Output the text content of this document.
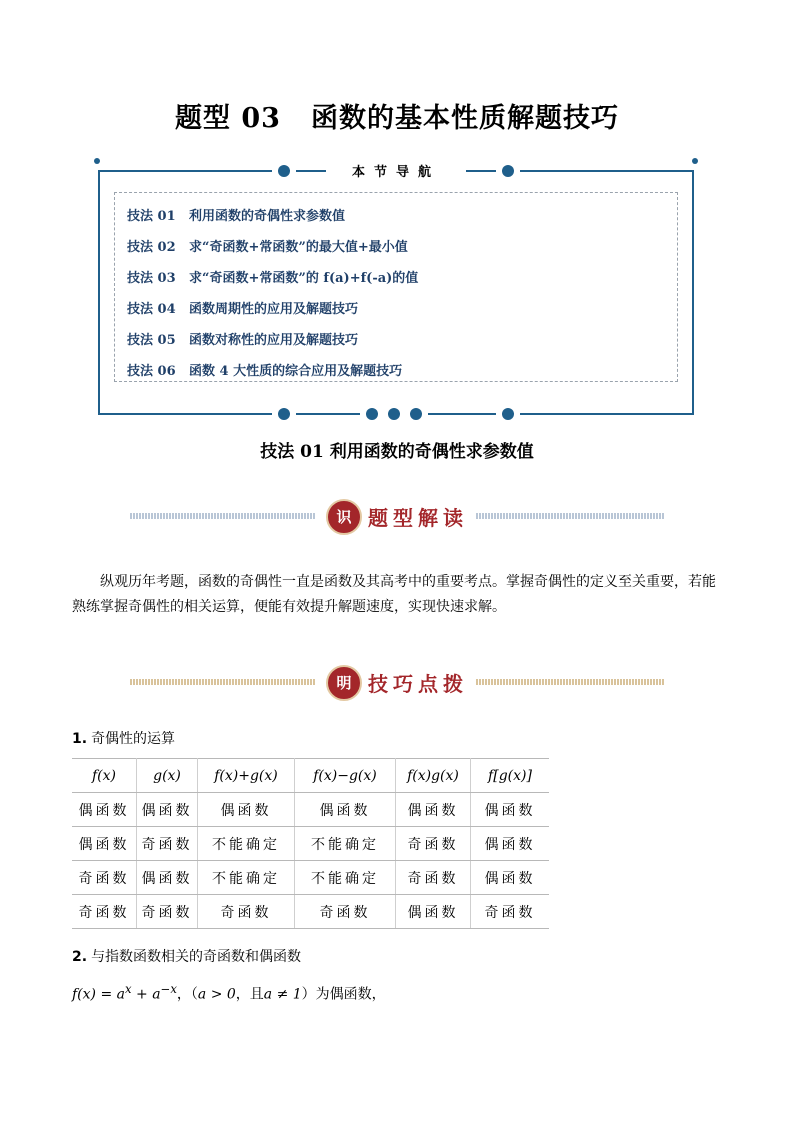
题型 03 函数的基本性质解题技巧
本节导航
技法 01 利用函数的奇偶性求参数值
技法 02 求“奇函数+常函数”的最大值+最小值
技法 03 求“奇函数+常函数”的 f(a)+f(-a)的值
技法 04 函数周期性的应用及解题技巧
技法 05 函数对称性的应用及解题技巧
技法 06 函数 4 大性质的综合应用及解题技巧
技法 01 利用函数的奇偶性求参数值
识 题型解读
纵观历年考题，函数的奇偶性一直是函数及其高考中的重要考点。掌握奇偶性的定义至关重要，若能熟练掌握奇偶性的相关运算，便能有效提升解题速度，实现快速求解。
明 技巧点拨
1. 奇偶性的运算
f(x)	g(x)	f(x)+g(x)	f(x)−g(x)	f(x)g(x)	f[g(x)]
偶函数	偶函数	偶函数	偶函数	偶函数	偶函数
偶函数	奇函数	不能确定	不能确定	奇函数	偶函数
奇函数	偶函数	不能确定	不能确定	奇函数	偶函数
奇函数	奇函数	奇函数	奇函数	偶函数	奇函数
2. 与指数函数相关的奇函数和偶函数
$f(x) = a^x + a^{-x}$，（a > 0，且a ≠ 1）为偶函数，
